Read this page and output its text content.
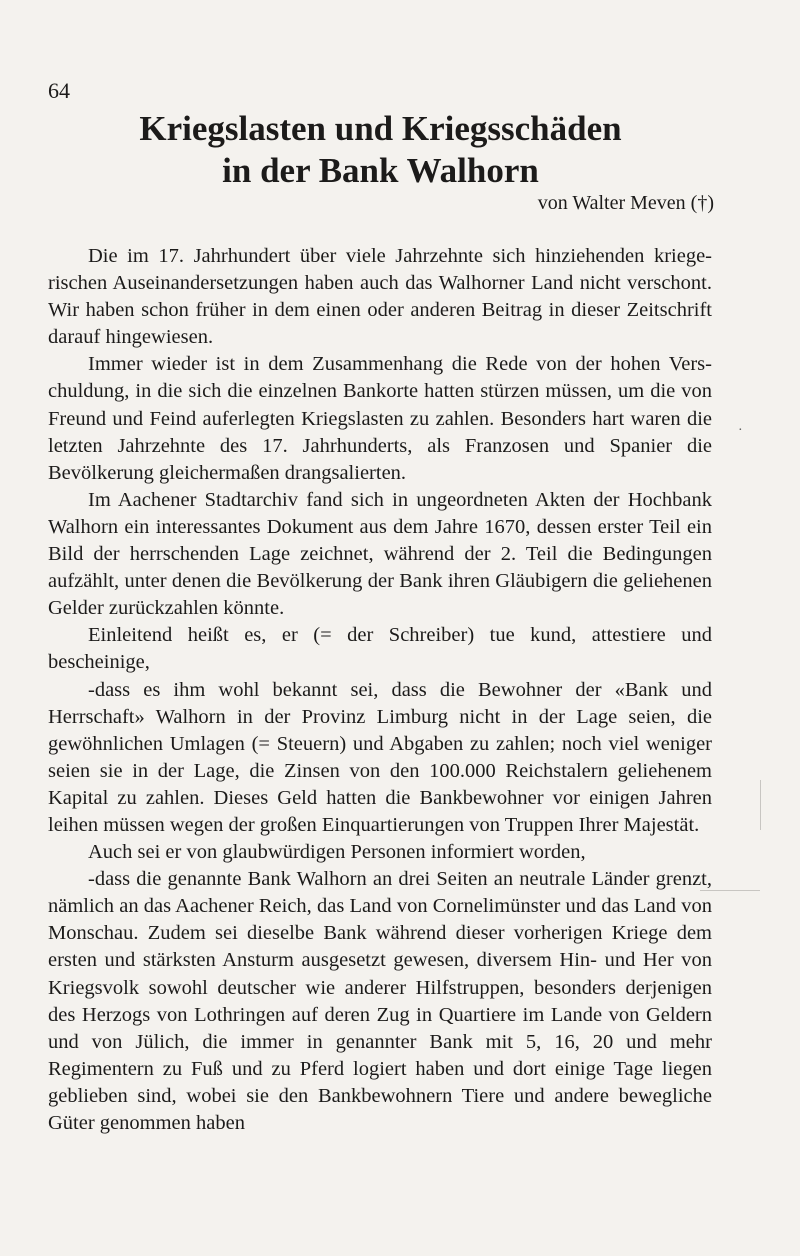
·
64
Kriegslasten und Kriegsschäden
in der Bank Walhorn
von Walter Meven (†)

Die im 17. Jahrhundert über viele Jahrzehnte sich hinziehenden kriegerischen Auseinandersetzungen haben auch das Walhorner Land nicht verschont. Wir haben schon früher in dem einen oder anderen Beitrag in dieser Zeitschrift darauf hingewiesen.

Immer wieder ist in dem Zusammenhang die Rede von der hohen Verschuldung, in die sich die einzelnen Bankorte hatten stürzen müssen, um die von Freund und Feind auferlegten Kriegslasten zu zahlen. Besonders hart waren die letzten Jahrzehnte des 17. Jahrhunderts, als Franzosen und Spanier die Bevölkerung gleichermaßen drangsalierten.

Im Aachener Stadtarchiv fand sich in ungeordneten Akten der Hochbank Walhorn ein interessantes Dokument aus dem Jahre 1670, dessen erster Teil ein Bild der herrschenden Lage zeichnet, während der 2. Teil die Bedingungen aufzählt, unter denen die Bevölkerung der Bank ihren Gläubigern die geliehenen Gelder zurückzahlen könnte.

Einleitend heißt es, er (= der Schreiber) tue kund, attestiere und bescheinige,

-dass es ihm wohl bekannt sei, dass die Bewohner der «Bank und Herrschaft» Walhorn in der Provinz Limburg nicht in der Lage seien, die gewöhnlichen Umlagen (= Steuern) und Abgaben zu zahlen; noch viel weniger seien sie in der Lage, die Zinsen von den 100.000 Reichstalern geliehenem Kapital zu zahlen. Dieses Geld hatten die Bankbewohner vor einigen Jahren leihen müssen wegen der großen Einquartierungen von Truppen Ihrer Majestät.

Auch sei er von glaubwürdigen Personen informiert worden,

-dass die genannte Bank Walhorn an drei Seiten an neutrale Länder grenzt, nämlich an das Aachener Reich, das Land von Cornelimünster und das Land von Monschau. Zudem sei dieselbe Bank während dieser vorherigen Kriege dem ersten und stärksten Ansturm ausgesetzt gewesen, diversem Hin- und Her von Kriegsvolk sowohl deutscher wie anderer Hilfstruppen, besonders derjenigen des Herzogs von Lothringen auf deren Zug in Quartiere im Lande von Geldern und von Jülich, die immer in genannter Bank mit 5, 16, 20 und mehr Regimentern zu Fuß und zu Pferd logiert haben und dort einige Tage liegen geblieben sind, wobei sie den Bankbewohnern Tiere und andere bewegliche Güter genommen haben
